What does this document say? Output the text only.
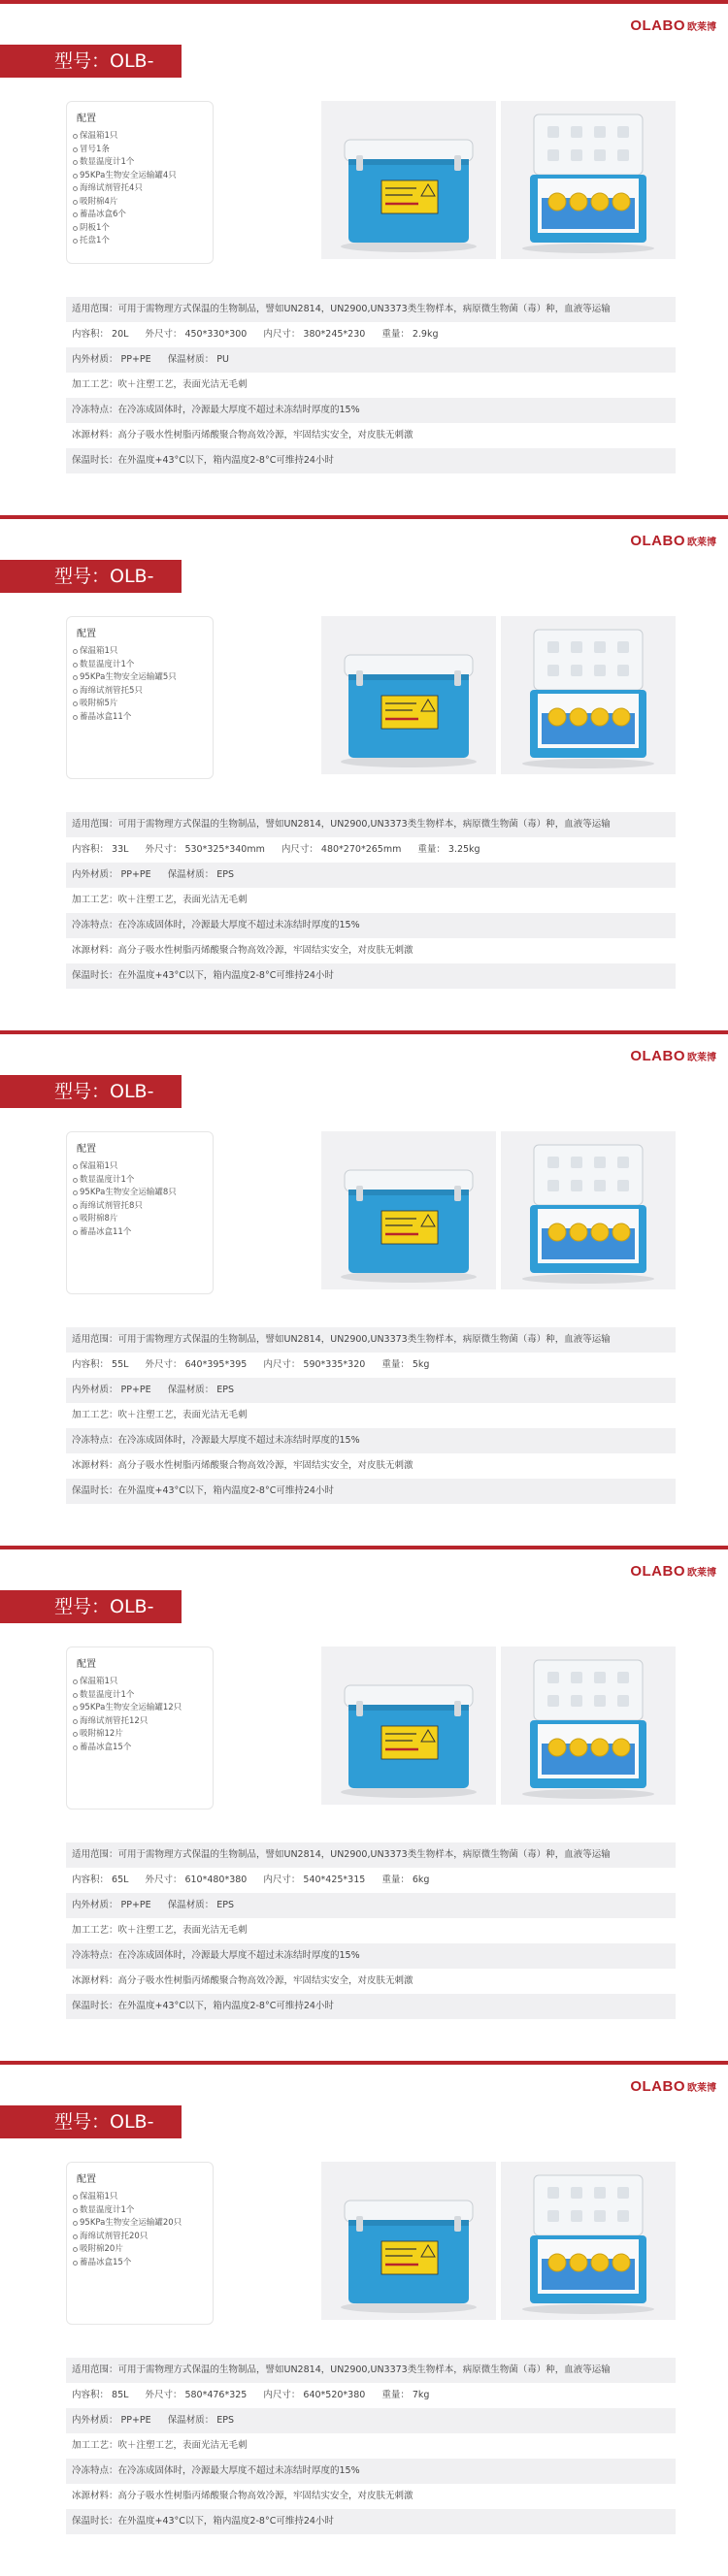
OLABO 欧莱博
型号：OLB-L20
配置
保温箱1只
冒号1条
数显温度计1个
95KPa生物安全运输罐4只
海绵试剂管托4只
吸附棉4片
蓄晶冰盒6个
阴板1个
托盘1个
适用范围：可用于需物理方式保温的生物制品，譬如UN2814，UN2900,UN3373类生物样本，病原微生物菌（毒）种，血液等运输
内容积： 20L 外尺寸： 450*330*300 内尺寸： 380*245*230 重量： 2.9kg
内外材质： PP+PE 保温材质： PU
加工工艺：吹＋注塑工艺，表面光洁无毛刺
冷冻特点：在冷冻成固体时，冷源最大厚度不超过未冻结时厚度的15%
冰源材料：高分子吸水性树脂丙烯酸聚合物高效冷源，牢固结实安全，对皮肤无刺激
保温时长：在外温度+43°C以下，箱内温度2-8°C可维持24小时
OLABO 欧莱博
型号：OLB-L33
配置
保温箱1只
数显温度计1个
95KPa生物安全运输罐5只
海绵试剂管托5只
吸附棉5片
蓄晶冰盒11个
适用范围：可用于需物理方式保温的生物制品，譬如UN2814，UN2900,UN3373类生物样本，病原微生物菌（毒）种，血液等运输
内容积： 33L 外尺寸： 530*325*340mm 内尺寸： 480*270*265mm 重量： 3.25kg
内外材质： PP+PE 保温材质： EPS
加工工艺：吹＋注塑工艺，表面光洁无毛刺
冷冻特点：在冷冻成固体时，冷源最大厚度不超过未冻结时厚度的15%
冰源材料：高分子吸水性树脂丙烯酸聚合物高效冷源，牢固结实安全，对皮肤无刺激
保温时长：在外温度+43°C以下，箱内温度2-8°C可维持24小时
OLABO 欧莱博
型号：OLB-L55
配置
保温箱1只
数显温度计1个
95KPa生物安全运输罐8只
海绵试剂管托8只
吸附棉8片
蓄晶冰盒11个
适用范围：可用于需物理方式保温的生物制品，譬如UN2814，UN2900,UN3373类生物样本，病原微生物菌（毒）种，血液等运输
内容积： 55L 外尺寸： 640*395*395 内尺寸： 590*335*320 重量： 5kg
内外材质： PP+PE 保温材质： EPS
加工工艺：吹＋注塑工艺，表面光洁无毛刺
冷冻特点：在冷冻成固体时，冷源最大厚度不超过未冻结时厚度的15%
冰源材料：高分子吸水性树脂丙烯酸聚合物高效冷源，牢固结实安全，对皮肤无刺激
保温时长：在外温度+43°C以下，箱内温度2-8°C可维持24小时
OLABO 欧莱博
型号：OLB-L65
配置
保温箱1只
数显温度计1个
95KPa生物安全运输罐12只
海绵试剂管托12只
吸附棉12片
蓄晶冰盒15个
适用范围：可用于需物理方式保温的生物制品，譬如UN2814，UN2900,UN3373类生物样本，病原微生物菌（毒）种，血液等运输
内容积： 65L 外尺寸： 610*480*380 内尺寸： 540*425*315 重量： 6kg
内外材质： PP+PE 保温材质： EPS
加工工艺：吹＋注塑工艺，表面光洁无毛刺
冷冻特点：在冷冻成固体时，冷源最大厚度不超过未冻结时厚度的15%
冰源材料：高分子吸水性树脂丙烯酸聚合物高效冷源，牢固结实安全，对皮肤无刺激
保温时长：在外温度+43°C以下，箱内温度2-8°C可维持24小时
OLABO 欧莱博
型号：OLB-L85
配置
保温箱1只
数显温度计1个
95KPa生物安全运输罐20只
海绵试剂管托20只
吸附棉20片
蓄晶冰盒15个
适用范围：可用于需物理方式保温的生物制品，譬如UN2814，UN2900,UN3373类生物样本，病原微生物菌（毒）种，血液等运输
内容积： 85L 外尺寸： 580*476*325 内尺寸： 640*520*380 重量： 7kg
内外材质： PP+PE 保温材质： EPS
加工工艺：吹＋注塑工艺，表面光洁无毛刺
冷冻特点：在冷冻成固体时，冷源最大厚度不超过未冻结时厚度的15%
冰源材料：高分子吸水性树脂丙烯酸聚合物高效冷源，牢固结实安全，对皮肤无刺激
保温时长：在外温度+43°C以下，箱内温度2-8°C可维持24小时
